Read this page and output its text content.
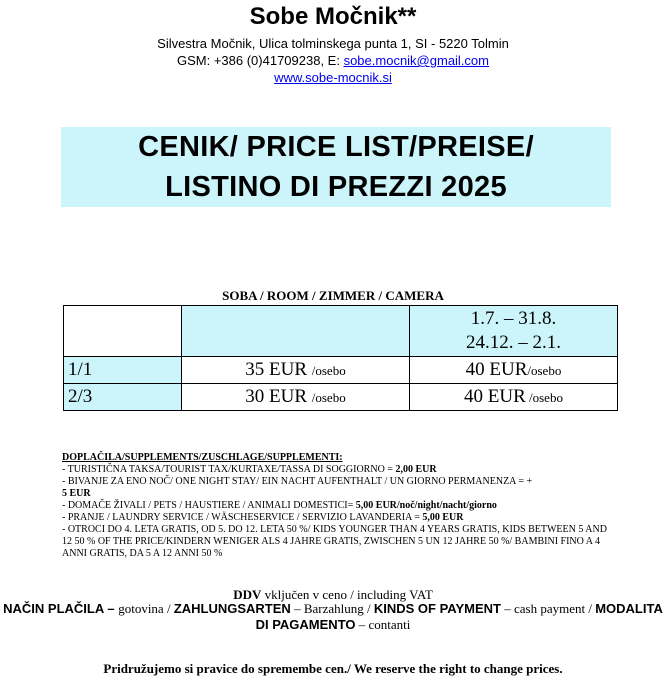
Sobe Močnik**
Silvestra Močnik, Ulica tolminskega punta 1, SI - 5220 Tolmin
GSM: +386 (0)41709238, E: sobe.mocnik@gmail.com
www.sobe-mocnik.si
CENIK/ PRICE LIST/PREISE/
LISTINO DI PREZZI 2025
SOBA / ROOM / ZIMMER / CAMERA

		1.7. – 31.8.
24.12. – 2.1.

1/1	35 EUR /osebo	40 EUR/osebo
2/3	30 EUR /osebo	40 EUR /osebo
DOPLAČILA/SUPPLEMENTS/ZUSCHLAGE/SUPPLEMENTI:
- TURISTIČNA TAKSA/TOURIST TAX/KURTAXE/TASSA DI SOGGIORNO = 2,00 EUR
- BIVANJE ZA ENO NOČ/ ONE NIGHT STAY/ EIN NACHT AUFENTHALT / UN GIORNO PERMANENZA = +
5 EUR
- DOMAČE ŽIVALI / PETS / HAUSTIERE / ANIMALI DOMESTICI= 5,00 EUR/noč/night/nacht/giorno
- PRANJE / LAUNDRY SERVICE / WÄSCHESERVICE / SERVIZIO LAVANDERIA = 5,00 EUR
- OTROCI DO 4. LETA GRATIS, OD 5. DO 12. LETA 50 %/ KIDS YOUNGER THAN 4 YEARS GRATIS, KIDS BETWEEN 5 AND 12 50 % OF THE PRICE/KINDERN WENIGER ALS 4 JAHRE GRATIS, ZWISCHEN 5 UN 12 JAHRE 50 %/ BAMBINI FINO A 4 ANNI GRATIS, DA 5 A 12 ANNI 50 %
DDV vključen v ceno / including VAT
NAČIN PLAČILA – gotovina / ZAHLUNGSARTEN – Barzahlung / KINDS OF PAYMENT – cash payment / MODALITA DI PAGAMENTO – contanti
Pridružujemo si pravice do spremembe cen./ We reserve the right to change prices.
